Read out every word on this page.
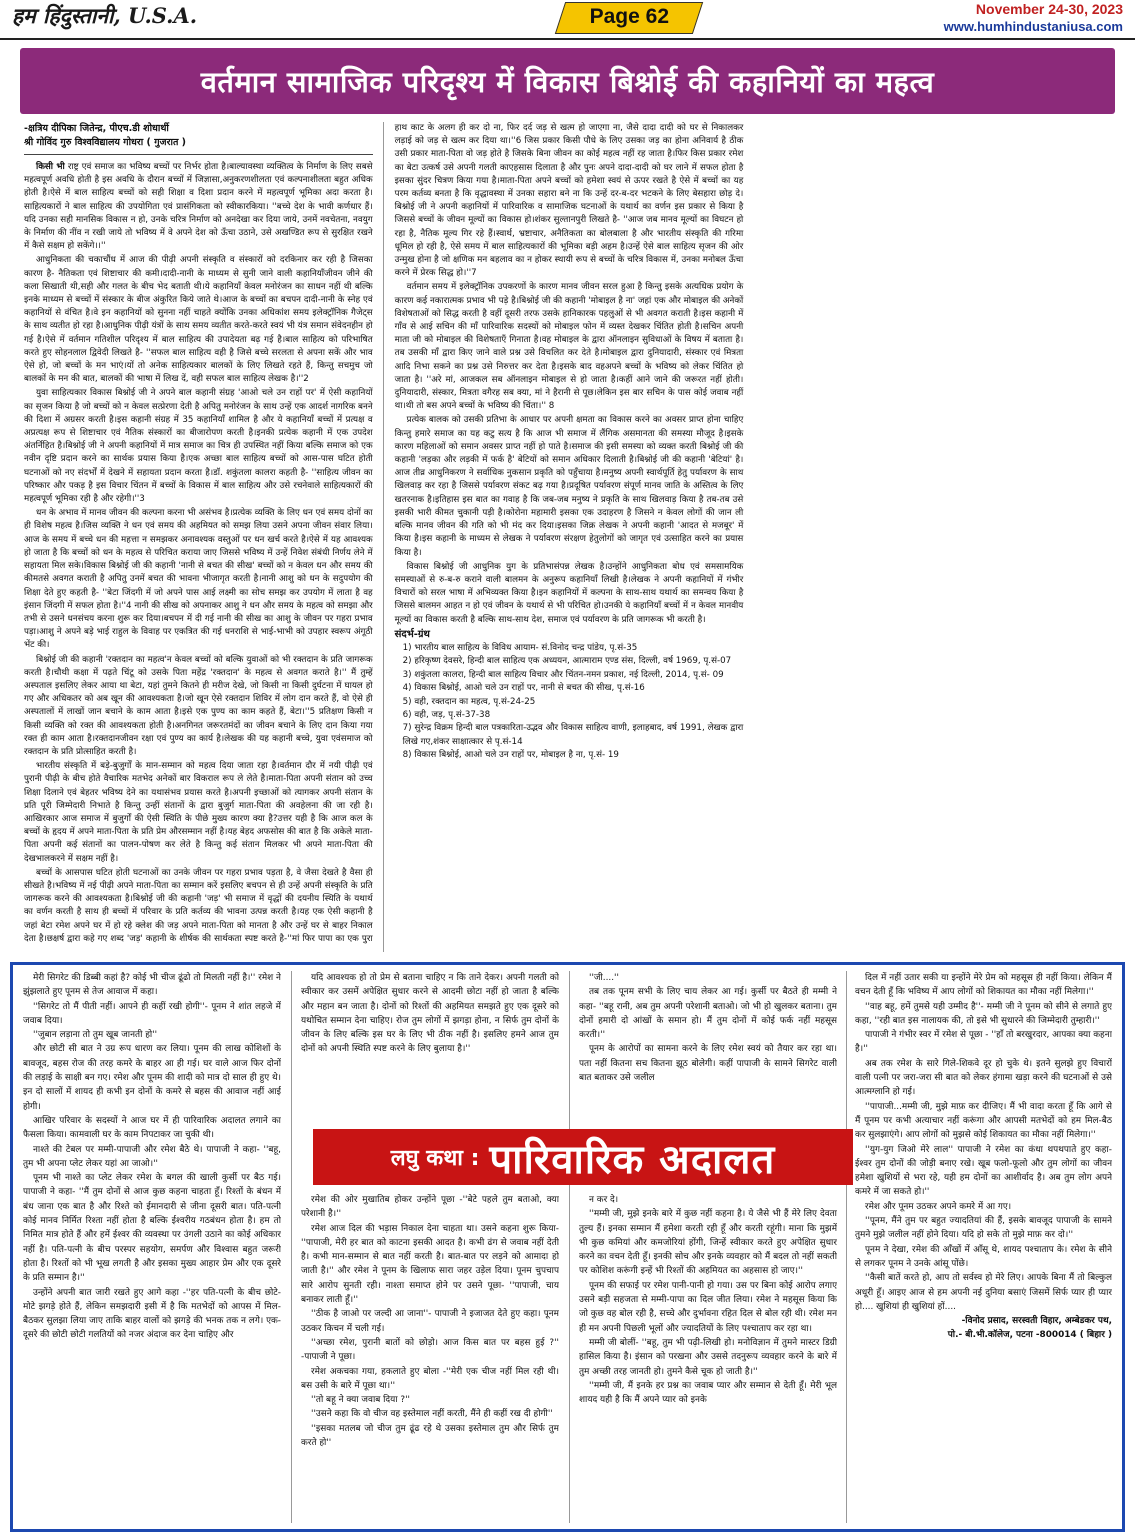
हम हिंदुस्तानी, U.S.A.	Page 62	November 24-30, 2023
www.humhindustaniusa.com
वर्तमान सामाजिक परिदृश्य में विकास बिश्नोई की कहानियों का महत्व
-क्षत्रिय दीपिका जितेन्द्र, पीएच.डी शोधार्थी
श्री गोविंद गुरु विश्वविद्यालय गोधरा ( गुजरात )

किसी भी राष्ट्र एवं समाज का भविष्य बच्चों पर निर्भर होता है।बाल्यावस्था व्यक्तित्व के निर्माण के लिए सबसे महत्वपूर्ण अवधि होती है इस अवधि के दौरान बच्चों में जिज्ञासा,अनुकरणशीलता एवं कल्पनाशीलता बहुत अधिक होती है।ऐसे में बाल साहित्य बच्चों को सही शिक्षा व दिशा प्रदान करने में महत्वपूर्ण भूमिका अदा करता है।साहित्यकारों ने बाल साहित्य की उपयोगिता एवं प्रासंगिकता को स्वीकारकिया। ''बच्चे देश के भावी कर्णधार हैं।यदि उनका सही मानसिक विकास न हो, उनके चरित्र निर्माण को अनदेखा कर दिया जाये, उनमें नवचेतना, नवयुग के निर्माण की नींव न रखी जाये तो भविष्य में वे अपने देश को ऊँचा उठाने, उसे अखण्डित रूप से सुरक्षित रखने में कैसे सक्षम हो सकेंगे।।''

आधुनिकता की चकाचौंध में आज की पीढ़ी अपनी संस्कृति व संस्कारों को दरकिनार कर रही है जिसका कारण है- नैतिकता एवं शिष्टाचार की कमी।दादी-नानी के माध्यम से सुनी जाने वाली कहानियाँजीवन जीने की कला सिखाती थी,सही और गलत के बीच भेद बताती थी।ये कहानियाँ केवल मनोरंजन का साधन नहीं थी बल्कि इनके माध्यम से बच्चों में संस्कार के बीज अंकुरित किये जाते थे।आज के बच्चों का बचपन दादी-नानी के स्नेह एवं कहानियों से वंचित है।वे इन कहानियों को सुनना नहीं चाहते क्योंकि उनका अधिकांश समय इलेक्ट्रॉनिक गैजेट्स के साथ व्यतीत हो रहा है।आधुनिक पीढ़ी यंत्रों के साथ समय व्यतीत करते-करते स्वयं भी यंत्र समान संवेदनहीन हो गई है।ऐसे में वर्तमान गतिशील परिदृश्य में बाल साहित्य की उपादेयता बढ़ गई है।बाल साहित्य को परिभाषित करते हुए सोहनलाल द्विवेदी लिखते है- ''सफल बाल साहित्य वही है जिसे बच्चे सरलता से अपना सकें और भाव ऐसे हो, जो बच्चों के मन भाएं।यों तो अनेक साहित्यकार बालकों के लिए लिखते रहते हैं, किन्तु सचमुच जो बालकों के मन की बात, बालकों की भाषा में लिख दें, वही सफल बाल साहित्य लेखक है।''2

युवा साहित्यकार विकास बिश्नोई जी ने अपने बाल कहानी संग्रह 'आओ चले उन राहों पर' में ऐसी कहानियों का सृजन किया है जो बच्चों को न केवल सत्प्रेरणा देती है अपितु मनोरंजन के साथ उन्हें एक आदर्श नागरिक बनने की दिशा में अग्रसर करती है।इस कहानी संग्रह में 35 कहानियाँ शामिल है और ये कहानियाँ बच्चों में प्रत्यक्ष व अप्रत्यक्ष रूप से शिष्टाचार एवं नैतिक संस्कारों का बीजारोपण करती है।इनकी प्रत्येक कहानी में एक उपदेश अंतर्निहित है।बिश्नोई जी ने अपनी कहानियों में मात्र समाज का चित्र ही उपस्थित नहीं किया बल्कि समाज को एक नवीन दृष्टि प्रदान करने का सार्थक प्रयास किया है।एक अच्छा बाल साहित्य बच्चों को आस-पास घटित होती घटनाओं को नए संदर्भों में देखने में सहायता प्रदान करता है।डॉ. शकुंतला कालरा कहती है- ''साहित्य जीवन का परिष्कार और पकड़ है इस विचार चिंतन में बच्चों के विकास में बाल साहित्य और उसे रचनेवाले साहित्यकारों की महत्वपूर्ण भूमिका रही है और रहेगी।''3

धन के अभाव में मानव जीवन की कल्पना करना भी असंभव है।प्रत्येक व्यक्ति के लिए धन एवं समय दोनों का ही विशेष महत्व है।जिस व्यक्ति ने धन एवं समय की अहमियत को समझ लिया उसने अपना जीवन संवार लिया।आज के समय में बच्चे धन की महत्ता न समझकर अनावश्यक वस्तुओं पर धन खर्च करते है।ऐसे में यह आवश्यक हो जाता है कि बच्चों को धन के महत्व से परिचित कराया जाए जिससे भविष्य में उन्हें निवेश संबंधी निर्णय लेने में सहायता मिल सके।विकास बिश्नोई जी की कहानी 'नानी से बचत की सीख' बच्चों को न केवल धन और समय की कीमतसे अवगत कराती है अपितु उनमें बचत की भावना भीजागृत करती है।नानी आशु को धन के सदुपयोग की शिक्षा देते हुए कहती है- ''बेटा जिंदगी में जो अपने पास आई लक्ष्मी का सोच समझ कर उपयोग में लाता है वह इंसान जिंदगी में सफल होता है।''4 नानी की सीख को अपनाकर आशु ने धन और समय के महत्व को समझा और तभी से उसने धनसंचय करना शुरू कर दिया।बचपन में दी गई नानी की सीख का आशु के जीवन पर गहरा प्रभाव पड़ा।आशु ने अपने बड़े भाई राहुल के विवाह पर एकत्रित की गई धनराशि से भाई-भाभी को उपहार स्वरूप अंगूठी भेंट की।

बिश्नोई जी की कहानी 'रक्तदान का महत्व'न केवल बच्चों को बल्कि युवाओं को भी रक्तदान के प्रति जागरूक करती है।चौथी कक्षा में पढ़ते चिंटू को उसके पिता महेंद्र 'रक्तदान' के महत्व से अवगत कराते है।'' मैं तुम्हें अस्पताल इसलिए लेकर आया था बेटा, यहां तुमने कितने ही मरीज देखे, जो किसी ना किसी दुर्घटना में घायल हो गए और अधिकतर को अब खून की आवश्यकता है।जो खून ऐसे रक्तदान शिविर में लोग दान करते हैं, वो ऐसे ही अस्पतालों में लाखों जान बचाने के काम आता है।इसे एक पुण्य का काम कहते हैं, बेटा।''5 प्रतिक्षण किसी न किसी व्यक्ति को रक्त की आवश्यकता होती है।अनगिनत जरूरतमंदों का जीवन बचाने के लिए दान किया गया रक्त ही काम आता है।रक्तदानजीवन रक्षा एवं पुण्य का कार्य है।लेखक की यह कहानी बच्चे, युवा एवंसमाज को रक्तदान के प्रति प्रोत्साहित करती है।

भारतीय संस्कृति में बड़े-बुजुर्गों के मान-सम्मान को महत्व दिया जाता रहा है।वर्तमान दौर में नयी पीढ़ी एवं पुरानी पीढ़ी के बीच होते वैचारिक मतभेद अनेकों बार विकराल रूप ले लेते है।माता-पिता अपनी संतान को उच्च शिक्षा दिलाने एवं बेहतर भविष्य देने का यथासंभव प्रयास करते है।अपनी इच्छाओं को त्यागकर अपनी संतान के प्रति पूरी जिम्मेदारी निभाते है किन्तु उन्हीं संतानों के द्वारा बुजुर्ग माता-पिता की अवहेलना की जा रही है।आखिरकार आज समाज में बुजुर्गों की ऐसी स्थिति के पीछे मुख्य कारण क्या है?उत्तर यही है कि आज कल के बच्चों के हृदय में अपने माता-पिता के प्रति प्रेम औरसम्मान नहीं है।यह बेहद अफसोस की बात है कि अकेले माता-पिता अपनी कई संतानों का पालन-पोषण कर लेते है किन्तु कई संतान मिलकर भी अपने माता-पिता की देखभालकरने में सक्षम नहीं है।

बच्चों के आसपास घटित होती घटनाओं का उनके जीवन पर गहरा प्रभाव पड़ता है, वे जैसा देखते है वैसा ही सीखते है।भविष्य में नई पीढ़ी अपने माता-पिता का सम्मान करें इसलिए बचपन से ही उन्हें अपनी संस्कृति के प्रति जागरूक करने की आवश्यकता है।बिश्नोई जी की कहानी 'जड़' भी समाज में वृद्धों की दयनीय स्थिति के यथार्थ का वर्णन करती है साथ ही बच्चों में परिवार के प्रति कर्तव्य की भावना उत्पन्न करती है।यह एक ऐसी कहानी है जहां बेटा रमेश अपने घर में हो रहे क्लेश की जड़ अपने माता-पिता को मानता है और उन्हें घर से बाहर निकाल देता है।छक्षर्ष द्वारा कहे गए शब्द 'जड़' कहानी के शीर्षक की सार्थकता स्पष्ट करते है-''मां फिर पापा का एक पुरा हाथ काट के अलग ही कर दो ना, फिर दर्द जड़ से खत्म हो जाएगा ना, जैसे दादा दादी को घर से निकालकर लड़ाई को जड़ से खत्म कर दिया था।''6 जिस प्रकार किसी पौधे के लिए उसका जड़ का होना अनिवार्य है ठीक उसी प्रकार माता-पिता वो जड़ होते है जिसके बिना जीवन का कोई महत्व नहीं रह जाता है।फिर किस प्रकार रमेश का बेटा उत्कर्ष उसे अपनी गलती काएहसास दिलाता है और पुनः अपने दादा-दादी को घर लाने में सफल होता है इसका सुंदर चित्रण किया गया है।माता-पिता अपने बच्चों को हमेशा स्वयं से ऊपर रखते है ऐसे में बच्चों का यह परम कर्तव्य बनता है कि वृद्धावस्था में उनका सहारा बने ना कि उन्हें दर-ब-दर भटकने के लिए बेसहारा छोड़ दे।बिश्नोई जी ने अपनी कहानियों में पारिवारिक व सामाजिक घटनाओं के यथार्थ का वर्णन इस प्रकार से किया है जिससे बच्चों के जीवन मूल्यों का विकास हो।शंकर सुल्तानपुरी लिखते है- ''आज जब मानव मूल्यों का विघटन हो रहा है, नैतिक मूल्य गिर रहे हैं।स्वार्थ, भ्रष्टाचार, अनैतिकता का बोलबाला है और भारतीय संस्कृति की गरिमा धूमिल हो रही है, ऐसे समय में बाल साहित्यकारों की भूमिका बड़ी अहम है।उन्हें ऐसे बाल साहित्य सृजन की ओर उन्मुख होना है जो क्षणिक मन बहलाव का न होकर स्थायी रूप से बच्चों के चरित्र विकास में, उनका मनोबल ऊँचा करने में प्रेरक सिद्ध हो।''7

वर्तमान समय में इलेक्ट्रॉनिक उपकरणों के कारण मानव जीवन सरल हुआ है किन्तु इसके अत्यधिक प्रयोग के कारण कई नकारात्मक प्रभाव भी पड़े है।बिश्नोई जी की कहानी 'मोबाइल है ना' जहां एक और मोबाइल की अनेकों विशेषताओं को सिद्ध करती है वहीं दूसरी तरफ उसके हानिकारक पहलुओं से भी अवगत कराती है।इस कहानी में गाँव से आई सचिन की माँ पारिवारिक सदस्यों को मोबाइल फोन में व्यस्त देखकर चिंतित होती है।सचिन अपनी माता जी को मोबाइल की विशेषताएँ गिनाता है।वह मोबाइल के द्वारा ऑनलाइन सुविधाओं के विषय में बताता है।तब उसकी माँ द्वारा किए जाने वाले प्रश्न उसे विचलित कर देते है।मोबाइल द्वारा दुनियादारी, संस्कार एवं मित्रता आदि निभा सकने का प्रश्न उसे निरुत्तर कर देता है।इसके बाद वहअपने बच्चों के भविष्य को लेकर चिंतित हो जाता है। ''अरे मां, आजकल सब ऑनलाइन मोबाइल से हो जाता है।कहीं आने जाने की जरूरत नहीं होती।दुनियादारी, संस्कार, मित्रता वगैरह सब क्या, मां ने हैरानी से पूछ।लेकिन इस बार सचिन के पास कोई जवाब नहीं था।थी तो बस अपने बच्चों के भविष्य की चिंता।'' 8

प्रत्येक बालक को उसकी प्रतिभा के आधार पर अपनी क्षमता का विकास करने का अवसर प्राप्त होना चाहिए किन्तु हमारे समाज का यह कटु सत्य है कि आज भी समाज में लैंगिक असमानता की समस्या मौजूद है।इसके कारण महिलाओं को समान अवसर प्राप्त नहीं हो पाते है।समाज की इसी समस्या को व्यक्त करती बिश्नोई जी की कहानी 'लड़का और लड़की में फर्क है' बेटियों को समान अधिकार दिलाती है।बिश्नोई जी की कहानी 'बेटियां' है।आज तीव्र आधुनिकरण ने सर्वाधिक नुकसान प्रकृति को पहुँचाया है।मनुष्य अपनी स्वार्थपूर्ति हेतु पर्यावरण के साथ खिलवाड़ कर रहा है जिससे पर्यावरण संकट बढ़ गया है।प्रदूषित पर्यावरण संपूर्ण मानव जाति के अस्तित्व के लिए खतरनाक है।इतिहास इस बात का गवाह है कि जब-जब मनुष्य ने प्रकृति के साथ खिलवाड़ किया है तब-तब उसे इसकी भारी कीमत चुकानी पड़ी है।कोरोना महामारी इसका एक उदाहरण है जिसने न केवल लोगों की जान ली बल्कि मानव जीवन की गति को भी मंद कर दिया।इसका जिक्र लेखक ने अपनी कहानी 'आदत से मजबूर' में किया है।इस कहानी के माध्यम से लेखक ने पर्यावरण संरक्षण हेतुलोगों को जागृत एवं उत्साहित करने का प्रयास किया है।

विकास बिश्नोई जी आधुनिक युग के प्रतिभासंपन्न लेखक है।उन्होंने आधुनिकता बोध एवं समसामयिक समस्याओं से रु-ब-रु कराने वाली बालमन के अनुरूप कहानियाँ लिखी है।लेखक ने अपनी कहानियों में गंभीर विचारों को सरल भाषा में अभिव्यक्त किया है।इन कहानियों में कल्पना के साथ-साथ यथार्थ का समन्वय किया है जिससे बालमन आहत न हो एवं जीवन के यथार्थ से भी परिचित हो।उनकी ये कहानियाँ बच्चों में न केवल मानवीय मूल्यों का विकास करती है बल्कि साथ-साथ देश, समाज एवं पर्यावरण के प्रति जागरूक भी करती है।

संदर्भ-ग्रंथ

1) भारतीय बाल साहित्य के विविध आयाम- सं.विनोद चन्द्र पांडेय, पृ.सं-35
2) हरिकृष्ण देवसरे, हिन्दी बाल साहित्य एक अध्ययन, आत्माराम एण्ड संस, दिल्ली, वर्ष 1969, पृ.सं-07
3) शकुंतला कालरा, हिन्दी बाल साहित्य विचार और चिंतन-नमन प्रकाश, नई दिल्ली, 2014, पृ.सं- 09
4) विकास बिश्नोई, आओ चले उन राहों पर, नानी से बचत की सीख, पृ.सं-16
5) वही, रक्तदान का महत्व, पृ.सं-24-25
6) वही, जड़, पृ.सं-37-38
7) सुरेन्द्र विक्रम हिन्दी बाल पत्रकारिता-उद्भव और विकास साहित्य वाणी, इलाहबाद, वर्ष 1991, लेखक द्वारा लिखे गए,शंकर साक्षात्कार से पृ.सं-14
8) विकास बिश्नोई, आओ चले उन राहों पर, मोबाइल है ना, पृ.सं- 19

मेरी सिगरेट की डिब्बी कहां है? कोई भी चीज ढूंढो तो मिलती नहीं है।'' रमेश ने झुंझलाते हुए पूनम से तेज आवाज में कहा।

''सिगरेट तो मैं पीती नहीं। आपने ही कहीं रखी होगी''- पूनम ने शांत लहजे में जवाब दिया।

''जुबान लड़ाना तो तुम खूब जानती हो''

और छोटी सी बात ने उग्र रूप धारण कर लिया। पूनम की लाख कोशिशों के बावजूद, बहस रोज की तरह कमरे के बाहर आ ही गई। घर वाले आज फिर दोनों की लड़ाई के साक्षी बन गए। रमेश और पूनम की शादी को मात्र दो साल ही हुए थे। इन दो सालों में शायद ही कभी इन दोनों के कमरे से बहस की आवाज नहीं आई होगी।

आखिर परिवार के सदस्यों ने आज घर में ही पारिवारिक अदालत लगाने का फैसला किया। कामवाली घर के काम निपटाकर जा चुकी थी।

नाश्ते की टेबल पर मम्मी-पापाजी और रमेश बैठे थे। पापाजी ने कहा- ''बहू, तुम भी अपना प्लेट लेकर यहां आ जाओ।''

पूनम भी नाश्ते का प्लेट लेकर रमेश के बगल की खाली कुर्सी पर बैठ गई। पापाजी ने कहा- ''मैं तुम दोनों से आज कुछ कहना चाहता हूँ। रिश्तों के बंधन में बंध जाना एक बात है और रिश्ते को ईमानदारी से जीना दूसरी बात। पति-पत्नी कोई मानव निर्मित रिश्ता नहीं होता है बल्कि ईश्वरीय गठबंधन होता है। हम तो निमित मात्र होते हैं और हमें ईश्वर की व्यवस्था पर उंगली उठाने का कोई अधिकार नहीं है। पति-पत्नी के बीच परस्पर सहयोग, समर्पण और विश्वास बहुत जरूरी होता है। रिश्तों को भी भूख लगती है और इसका मुख्य आहार प्रेम और एक दूसरे के प्रति सम्मान है।''

उन्होंने अपनी बात जारी रखते हुए आगे कहा -''हर पति-पत्नी के बीच छोटे-मोटे झगड़े होते हैं, लेकिन समझदारी इसी में है कि मतभेदों को आपस में मिल-बैठकर सुलझा लिया जाए ताकि बाहर वालों को झगड़े की भनक तक न लगे। एक-दूसरे की छोटी छोटी गलतियों को नजर अंदाज कर देना चाहिए और

यदि आवश्यक हो तो प्रेम से बताना चाहिए न कि ताने देकर। अपनी गलती को स्वीकार कर उसमें अपेक्षित सुधार करने से आदमी छोटा नहीं हो जाता है बल्कि और महान बन जाता है। दोनों को रिश्तों की अहमियत समझते हुए एक दूसरे को यथोचित सम्मान देना चाहिए। रोज तुम लोगों में झगड़ा होना, न सिर्फ तुम दोनों के जीवन के लिए बल्कि इस घर के लिए भी ठीक नहीं है। इसलिए हमने आज तुम दोनों को अपनी स्थिति स्पष्ट करने के लिए बुलाया है।''

''जी....''

तब तक पूनम सभी के लिए चाय लेकर आ गई। कुर्सी पर बैठते ही मम्मी ने कहा- ''बहू रानी, अब तुम अपनी परेशानी बताओ। जो भी हो खुलकर बताना। तुम दोनों हमारी दो आंखों के समान हो। मैं तुम दोनों में कोई फर्क नहीं महसूस करती।''

पूनम के आरोपों का सामना करने के लिए रमेश स्वयं को तैयार कर रहा था। पता नहीं कितना सच कितना झूठ बोलेगी। कहीं पापाजी के सामने सिगरेट वाली बात बताकर उसे जलील

लघु कथा : पारिवारिक अदालत

रमेश की ओर मुखातिब होकर उन्होंने पूछा -''बेटे पहले तुम बताओ, क्या परेशानी है।''

रमेश आज दिल की भड़ास निकाल देना चाहता था। उसने कहना शुरू किया-''पापाजी, मेरी हर बात को काटना इसकी आदत है। कभी ढंग से जवाब नहीं देती है। कभी मान-सम्मान से बात नहीं करती है। बात-बात पर लड़ने को आमादा हो जाती है।'' और रमेश ने पूनम के खिलाफ सारा जहर उड़ेल दिया। पूनम चुपचाप सारे आरोप सुनती रही। नाश्ता समाप्त होने पर उसने पूछा- ''पापाजी, चाय बनाकर लाती हूँ।''

''ठीक है जाओ पर जल्दी आ जाना''- पापाजी ने इजाजत देते हुए कहा। पूनम उठकर किचन में चली गई।

''अच्छा रमेश, पुरानी बातों को छोड़ो। आज किस बात पर बहस हुई ?'' -पापाजी ने पूछा।

रमेश अकचका गया, हकलाते हुए बोला -''मेरी एक चीज नहीं मिल रही थी। बस उसी के बारे में पूछा था।''

''तो बहू ने क्या जवाब दिया ?''

''उसने कहा कि वो चीज वह इस्तेमाल नहीं करती, मैंने ही कहीं रख दी होगी''

''इसका मतलब जो चीज तुम ढूंढ रहे थे उसका इस्तेमाल तुम और सिर्फ तुम करते हो''

न कर दे।

''मम्मी जी, मुझे इनके बारे में कुछ नहीं कहना है। ये जैसे भी हैं मेरे लिए देवता तुल्य हैं। इनका सम्मान मैं हमेशा करती रही हूँ और करती रहूंगी। माना कि मुझमें भी कुछ कमियां और कमजोरियां होंगी, जिन्हें स्वीकार करते हुए अपेक्षित सुधार करने का वचन देती हूँ। इनकी सोच और इनके व्यवहार को मैं बदल तो नहीं सकती पर कोशिश करूंगी इन्हें भी रिश्तों की अहमियत का अहसास हो जाए।''

पूनम की सफाई पर रमेश पानी-पानी हो गया। उस पर बिना कोई आरोप लगाए उसने बड़ी सहजता से मम्मी-पापा का दिल जीत लिया। रमेश ने महसूस किया कि जो कुछ वह बोल रही है, सच्चे और दुर्भावना रहित दिल से बोल रही थी। रमेश मन ही मन अपनी पिछली भूलों और ज्यादतियों के लिए पश्चाताप कर रहा था।

मम्मी जी बोलीं- ''बहू, तुम भी पढ़ी-लिखी हो। मनोविज्ञान में तुमने मास्टर डिग्री हासिल किया है। इंसान को परखना और उससे तदनुरूप व्यवहार करने के बारे में तुम अच्छी तरह जानती हो। तुमने कैसे चूक हो जाती है।''

''मम्मी जी, मैं इनके हर प्रश्न का जवाब प्यार और सम्मान से देती हूँ। मेरी भूल शायद यही है कि मैं अपने प्यार को इनके

दिल में नहीं उतार सकी या इन्होंने मेरे प्रेम को महसूस ही नहीं किया। लेकिन मैं वचन देती हूँ कि भविष्य में आप लोगों को शिकायत का मौका नहीं मिलेगा।''

''वाह बहू, हमें तुमसे यही उम्मीद है''- मम्मी जी ने पूनम को सीने से लगाते हुए कहा, ''रही बात इस नालायक की, तो इसे भी सुधारने की जिम्मेदारी तुम्हारी।''

पापाजी ने गंभीर स्वर में रमेश से पूछा - ''हाँ तो बरखुरदार, आपका क्या कहना है।''

अब तक रमेश के सारे गिले-शिकवे दूर हो चुके थे। इतने सुलझे हुए विचारों वाली पत्नी पर जरा-जरा सी बात को लेकर हंगामा खड़ा करने की घटनाओं से उसे आत्मग्लानि हो गई।

''पापाजी...मम्मी जी, मुझे माफ़ कर दीजिए। मैं भी वादा करता हूँ कि आगे से मैं पूनम पर कभी अत्याचार नहीं करूंगा और आपसी मतभेदों को हम मिल-बैठ कर सुलझाएंगे। आप लोगों को मुझसे कोई शिकायत का मौका नहीं मिलेगा।''

''युग-युग जिओ मेरे लाल'' पापाजी ने रमेश का कंधा थपथपाते हुए कहा- ईश्वर तुम दोनों की जोड़ी बनाए रखे। खूब फलो-फूलो और तुम लोगों का जीवन हमेशा खुशियों से भरा रहे, यही हम दोनों का आशीर्वाद है। अब तुम लोग अपने कमरे में जा सकते हो।''

रमेश और पूनम उठकर अपने कमरे में आ गए।

''पूनम, मैंने तुम पर बहुत ज्यादतियां की हैं, इसके बावजूद पापाजी के सामने तुमने मुझे जलील नहीं होने दिया। यदि हो सके तो मुझे माफ़ कर दो।''

पूनम ने देखा, रमेश की आँखों में आँसू थे, शायद पश्चाताप के। रमेश के सीने से लगकर पूनम ने उनके आंसू पोंछे।

''कैसी बातें करते हो, आप तो सर्वस्व हो मेरे लिए। आपके बिना मैं तो बिल्कुल अधूरी हूँ। आइए आज से हम अपनी नई दुनिया बसाएं जिसमें सिर्फ प्यार ही प्यार हो.... खुशियां ही खुशियां हों....

-विनोद प्रसाद, सरस्वती विहार, अम्बेडकर पथ,

पो.- बी.भी.कॉलेज, पटना -800014 ( बिहार )
